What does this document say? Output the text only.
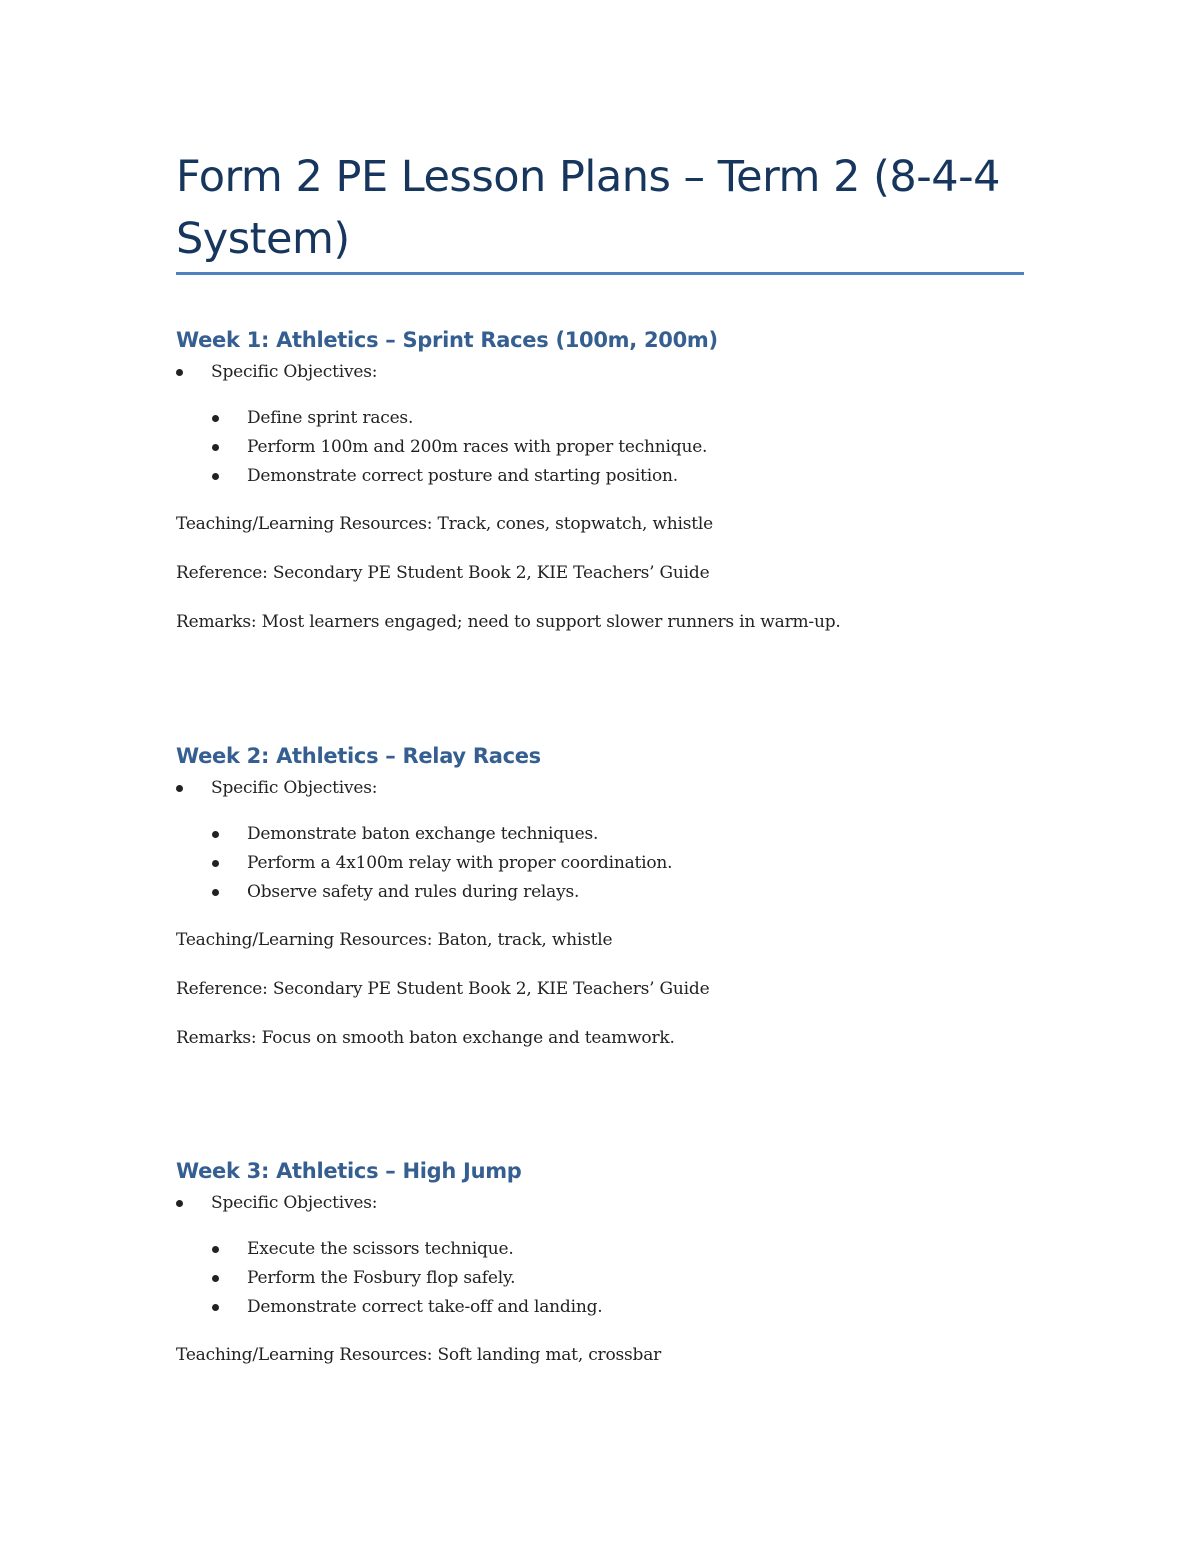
Form 2 PE Lesson Plans – Term 2 (8-4-4 System)
Week 1: Athletics – Sprint Races (100m, 200m)
Specific Objectives:
Define sprint races.
Perform 100m and 200m races with proper technique.
Demonstrate correct posture and starting position.

Teaching/Learning Resources: Track, cones, stopwatch, whistle

Reference: Secondary PE Student Book 2, KIE Teachers’ Guide

Remarks: Most learners engaged; need to support slower runners in warm-up.

Week 2: Athletics – Relay Races
Specific Objectives:
Demonstrate baton exchange techniques.
Perform a 4x100m relay with proper coordination.
Observe safety and rules during relays.

Teaching/Learning Resources: Baton, track, whistle

Reference: Secondary PE Student Book 2, KIE Teachers’ Guide

Remarks: Focus on smooth baton exchange and teamwork.

Week 3: Athletics – High Jump
Specific Objectives:
Execute the scissors technique.
Perform the Fosbury flop safely.
Demonstrate correct take-off and landing.

Teaching/Learning Resources: Soft landing mat, crossbar
